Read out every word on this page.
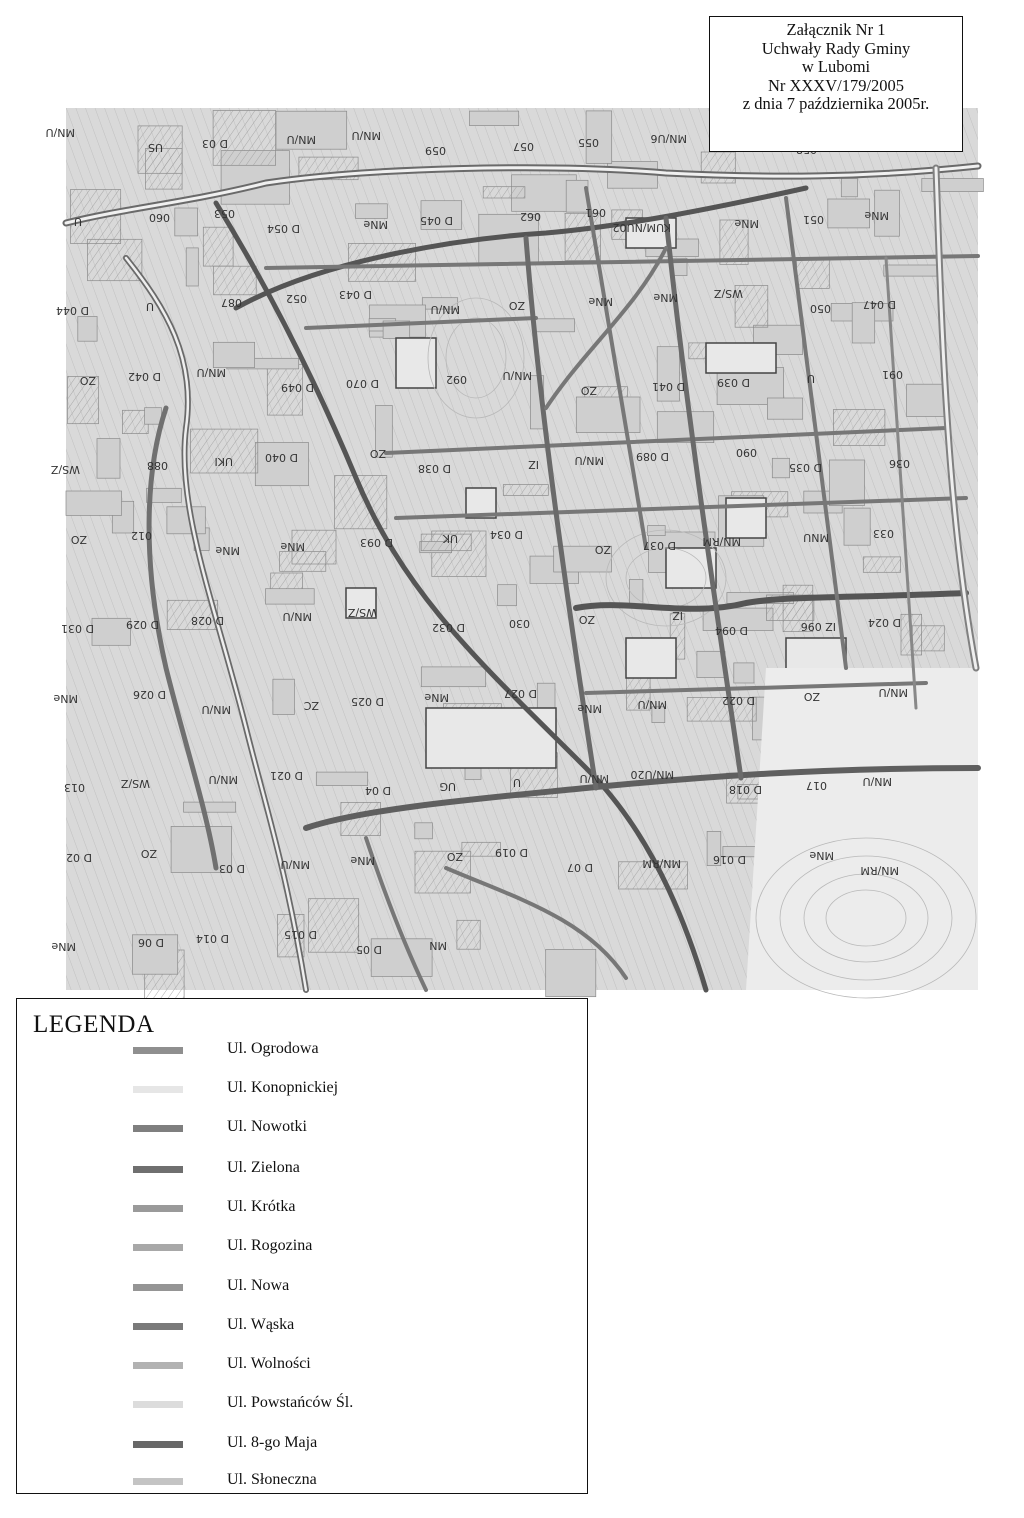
MN/U
US	D 03	MN/U	MN/U
059	057	055	MN/U6
U	060	053
D 054	MNe	D 045	062	061
KUM/NU02	MNe	051	MNe
D 044	U	087	052	D 043
MN/U	ZO	MNe	MNe	WS/Z
050	D 047
ZO	D 042	MN/U
D 049	D 070	092	MN/U
ZO	D 041	D 039	U	091
WS/Z	088	UKI	D 040	ZO
D 038	IZ	MN/U	D 089	090
D 035	036
ZO	012
MNe	MNe	D 093	UK	D 034
ZO	D 037 MN/RM	MNU	033
D 031	D 029	D 028	MN/U	WS/Z
D 032	030	ZO	IZ
D 094	IZ 096	D 024
MNe	D 026
MN/U	ZC	D 025	MNe	D 027
MNe	MN/U	D 022	ZO	MN/U
013	WS/Z	MN/U	D 021
D 04	UG	U	MN/U MN/U20
D 018	017	MN/U
D 02	ZO
D 03	MN/U	MNe	ZO	D 019
D 07	MN/RM	D 016	MNe
MN/RM
MNe	D 06	D 014	D 015
D 05	MN
Załącznik Nr 1
Uchwały Rady Gminy
w Lubomi
Nr XXXV/179/2005
z dnia 7 października 2005r.
LEGENDA
Ul. Ogrodowa
Ul. Konopnickiej
Ul. Nowotki
Ul. Zielona
Ul. Krótka
Ul. Rogozina
Ul. Nowa
Ul. Wąska
Ul. Wolności
Ul. Powstańców Śl.
Ul. 8-go Maja
Ul. Słoneczna
